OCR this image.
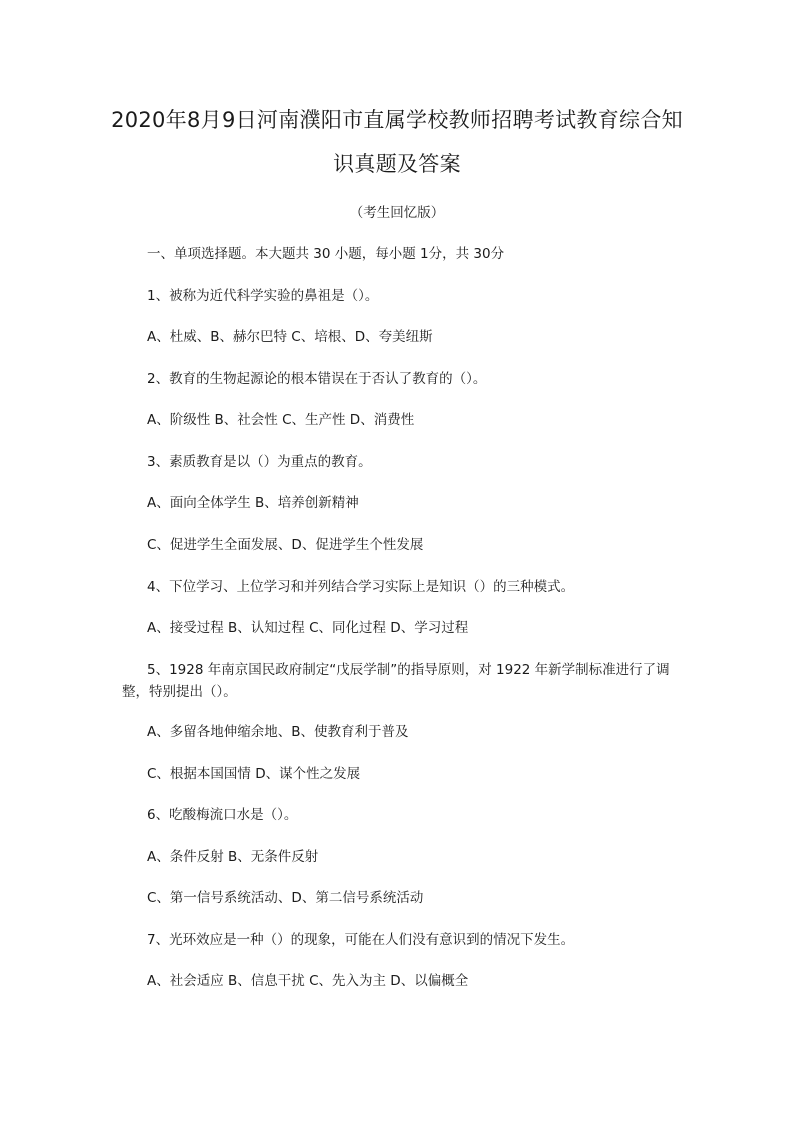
2020年8月9日河南濮阳市直属学校教师招聘考试教育综合知识真题及答案
（考生回忆版）
一、单项选择题。本大题共 30 小题，每小题 1分，共 30分
1、被称为近代科学实验的鼻祖是（）。
A、杜威、B、赫尔巴特 C、培根、D、夸美纽斯
2、教育的生物起源论的根本错误在于否认了教育的（）。
A、阶级性 B、社会性 C、生产性 D、消费性
3、素质教育是以（）为重点的教育。
A、面向全体学生 B、培养创新精神
C、促进学生全面发展、D、促进学生个性发展
4、下位学习、上位学习和并列结合学习实际上是知识（）的三种模式。
A、接受过程 B、认知过程 C、同化过程 D、学习过程
5、1928 年南京国民政府制定“戊辰学制”的指导原则，对 1922 年新学制标准进行了调整，特别提出（）。
A、多留各地伸缩余地、B、使教育利于普及
C、根据本国国情 D、谋个性之发展
6、吃酸梅流口水是（）。
A、条件反射 B、无条件反射
C、第一信号系统活动、D、第二信号系统活动
7、光环效应是一种（）的现象，可能在人们没有意识到的情况下发生。
A、社会适应 B、信息干扰 C、先入为主 D、以偏概全
